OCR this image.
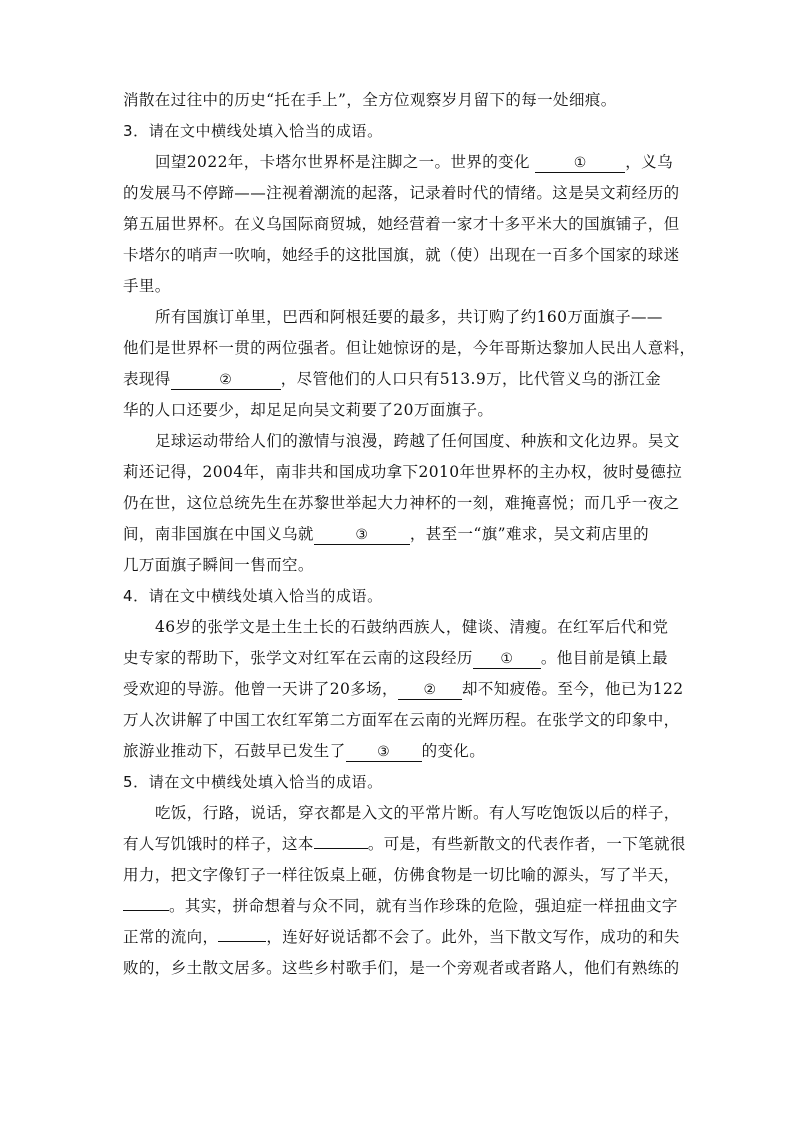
消散在过往中的历史“托在手上”，全方位观察岁月留下的每一处细痕。
3．请在文中横线处填入恰当的成语。
回望2022年，卡塔尔世界杯是注脚之一。世界的变化	① ，义乌
的发展马不停蹄——注视着潮流的起落，记录着时代的情绪。这是吴文莉经历的
第五届世界杯。在义乌国际商贸城，她经营着一家才十多平米大的国旗铺子，但
卡塔尔的哨声一吹响，她经手的这批国旗，就（使）出现在一百多个国家的球迷
手里。
所有国旗订单里，巴西和阿根廷要的最多，共订购了约160万面旗子——
他们是世界杯一贯的两位强者。但让她惊讶的是，今年哥斯达黎加人民出人意料，
表现得	②	，尽管他们的人口只有513.9万，比代管义乌的浙江金
华的人口还要少，却足足向吴文莉要了20万面旗子。
足球运动带给人们的激情与浪漫，跨越了任何国度、种族和文化边界。吴文
莉还记得，2004年，南非共和国成功拿下2010年世界杯的主办权，彼时曼德拉
仍在世，这位总统先生在苏黎世举起大力神杯的一刻，难掩喜悦；而几乎一夜之
间，南非国旗在中国义乌就	③	，甚至一“旗”难求，吴文莉店里的
几万面旗子瞬间一售而空。
4．请在文中横线处填入恰当的成语。
46岁的张学文是土生土长的石鼓纳西族人，健谈、清瘦。在红军后代和党
史专家的帮助下，张学文对红军在云南的这段经历 ① 。他目前是镇上最
受欢迎的导游。他曾一天讲了20多场， ② 却不知疲倦。至今，他已为122
万人次讲解了中国工农红军第二方面军在云南的光辉历程。在张学文的印象中，
旅游业推动下，石鼓早已发生了 ③ 的变化。
5．请在文中横线处填入恰当的成语。
吃饭，行路，说话，穿衣都是入文的平常片断。有人写吃饱饭以后的样子，
有人写饥饿时的样子，这本	。可是，有些新散文的代表作者，一下笔就很
用力，把文字像钉子一样往饭桌上砸，仿佛食物是一切比喻的源头，写了半天，
。其实，拼命想着与众不同，就有当作珍珠的危险，强迫症一样扭曲文字
正常的流向，	，连好好说话都不会了。此外，当下散文写作，成功的和失
败的，乡土散文居多。这些乡村歌手们，是一个旁观者或者路人，他们有熟练的
